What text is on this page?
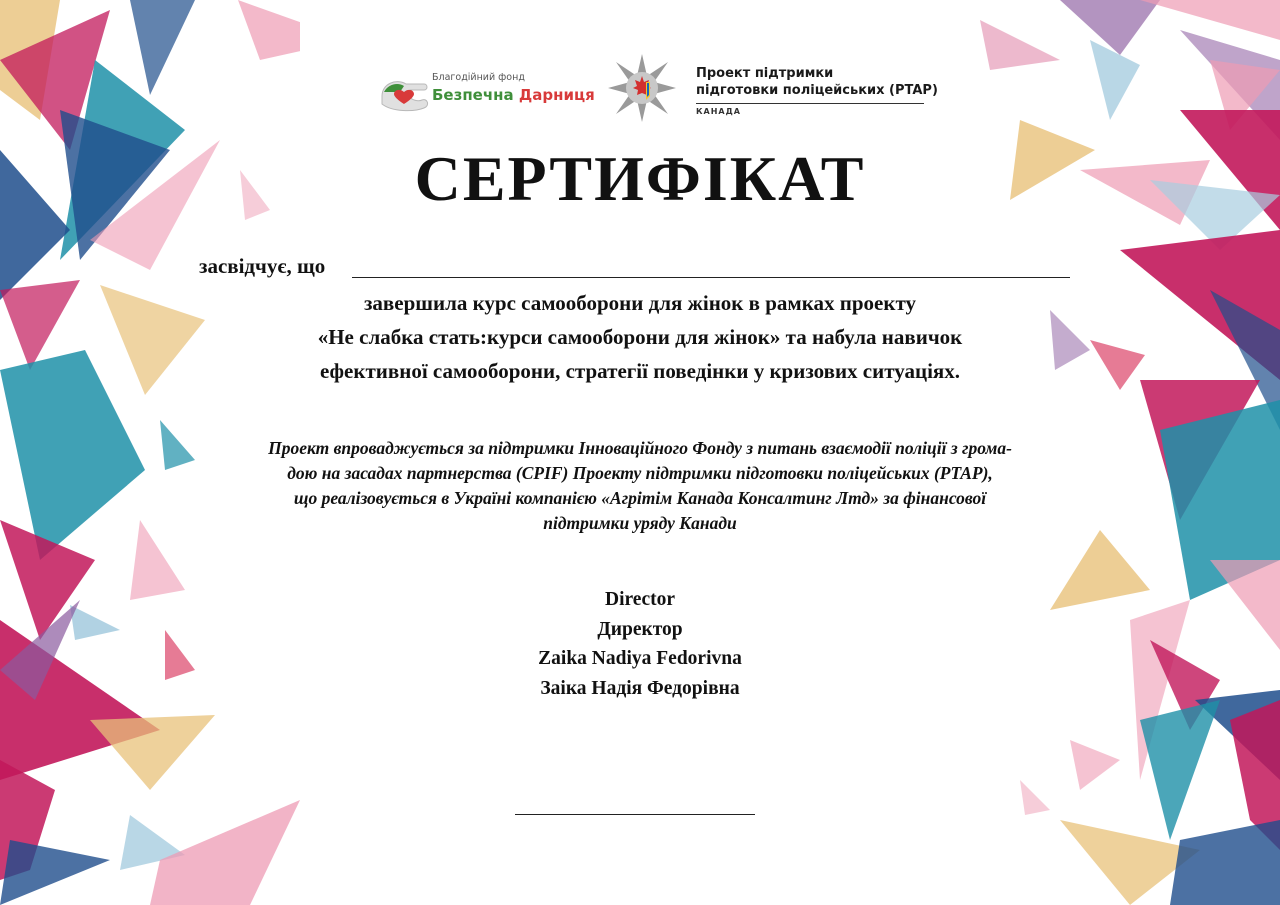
Благодійний фонд
Безпечна Дарниця
Проект підтримки
підготовки поліцейських (PTAP)
КАНАДА
СЕРТИФІКАТ
засвідчує, що
завершила курс самооборони для жінок в рамках проекту
«Не слабка стать:курси самооборони для жінок» та набула навичок
ефективної самооборони, стратегії поведінки у кризових ситуаціях.
Проект впроваджується за підтримки Інноваційного Фонду з питань взаємодії поліції з грома-
дою на засадах партнерства (CPIF) Проекту підтримки підготовки поліцейських (PTAP),
що реалізовується в Україні компанією «Агрітім Канада Консалтинг Лтд» за фінансової
підтримки уряду Канади
Director
Директор
Zaika Nadiya Fedorivna
Заіка Надія Федорівна
